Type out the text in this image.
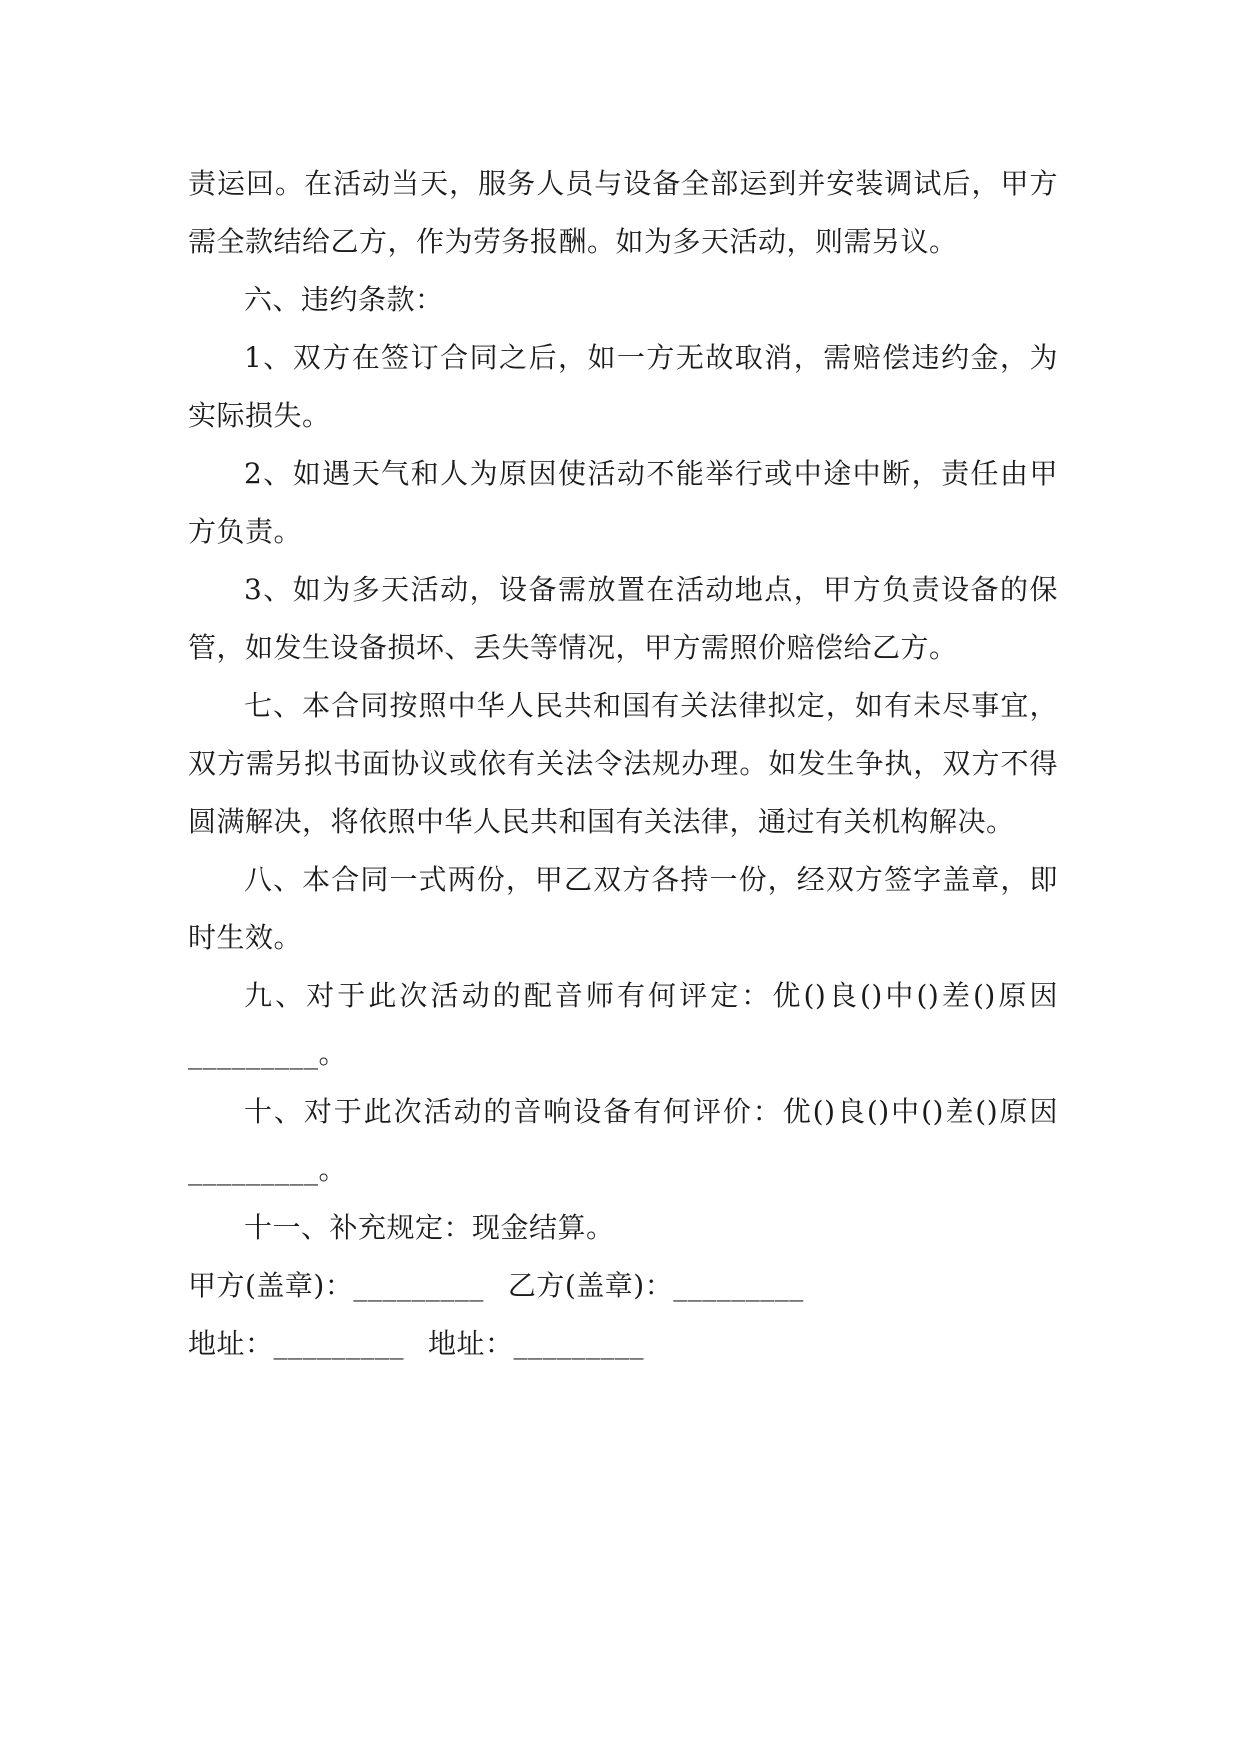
责运回。在活动当天，服务人员与设备全部运到并安装调试后，甲方需全款结给乙方，作为劳务报酬。如为多天活动，则需另议。

六、违约条款：

1、双方在签订合同之后，如一方无故取消，需赔偿违约金，为实际损失。

2、如遇天气和人为原因使活动不能举行或中途中断，责任由甲方负责。

3、如为多天活动，设备需放置在活动地点，甲方负责设备的保管，如发生设备损坏、丢失等情况，甲方需照价赔偿给乙方。

七、本合同按照中华人民共和国有关法律拟定，如有未尽事宜，双方需另拟书面协议或依有关法令法规办理。如发生争执，双方不得圆满解决，将依照中华人民共和国有关法律，通过有关机构解决。

八、本合同一式两份，甲乙双方各持一份，经双方签字盖章，即时生效。

九、对于此次活动的配音师有何评定：优()良()中()差()原因_________。

十、对于此次活动的音响设备有何评价：优()良()中()差()原因_________。

十一、补充规定：现金结算。

甲方(盖章)：_________ 乙方(盖章)：_________

地址：_________ 地址：_________
